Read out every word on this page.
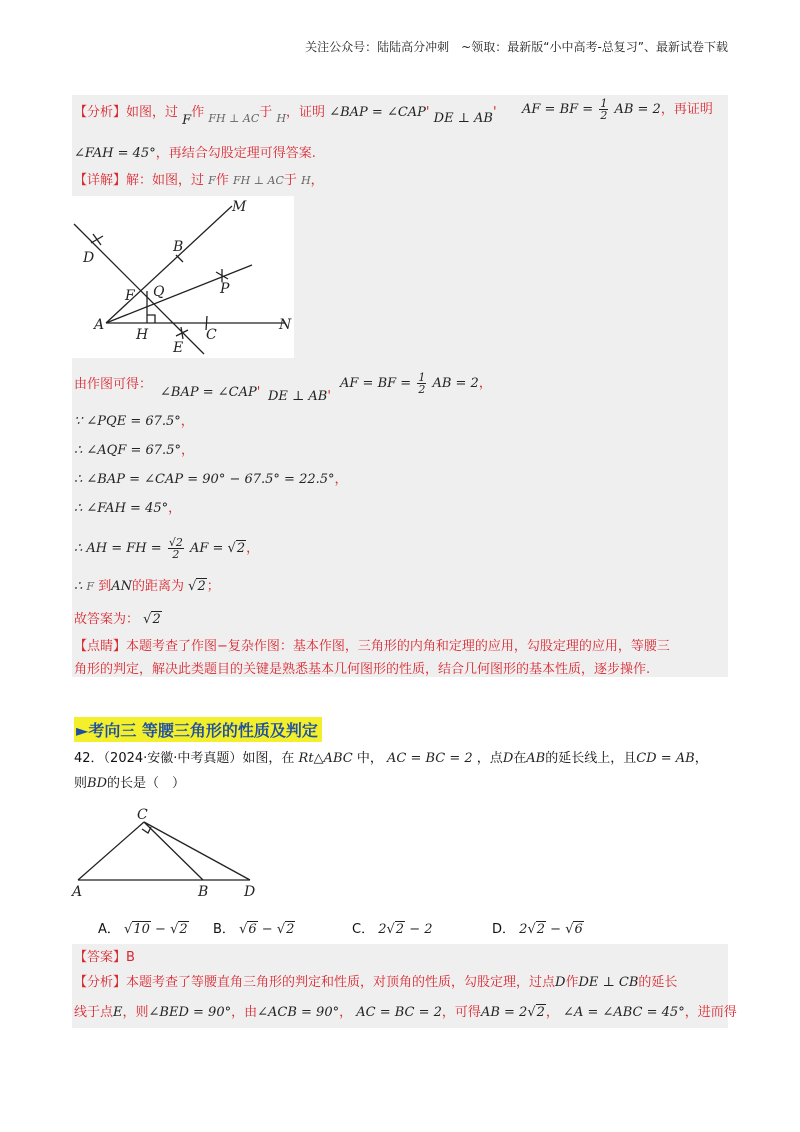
关注公众号：陆陆高分冲刺　~领取：最新版“小中高考-总复习”、最新试卷下载
【分析】如图，过 F作 $_{FH \perp AC}$于 $_H$，证明 ∠BAP = ∠CAP' DE ⊥ AB' AF = BF = $\frac{1}{2}$ AB = 2，再证明
∠FAH = 45°，再结合勾股定理可得答案.
【详解】解：如图，过 F作 FH ⊥ AC于 H，
M
B
D
F Q	P
A
H	C
N
E
由作图可得：
∠BAP = ∠CAP' DE ⊥ AB'
AF = BF = $\frac{1}{2}$ AB = 2，
∵ ∠PQE = 67.5°，
∴ ∠AQF = 67.5°，
∴ ∠BAP = ∠CAP = 90° − 67.5° = 22.5°，
∴ ∠FAH = 45°，
∴ AH = FH = $\frac{√2}{2}$ AF = √2，
∴ F 到AN的距离为 √2；
故答案为： √2
【点睛】本题考查了作图−复杂作图：基本作图，三角形的内角和定理的应用，勾股定理的应用，等腰三
角形的判定，解决此类题目的关键是熟悉基本几何图形的性质，结合几何图形的基本性质，逐步操作.
►考向三 等腰三角形的性质及判定
42．（2024·安徽·中考真题）如图，在 Rt△ABC 中， AC = BC = 2 ，点D在AB的延长线上，且CD = AB，
则BD的长是（　）
C
A	B	D
A． √10 − √2 B． √6 − √2	C． 2√2 − 2	D． 2√2 − √6
【答案】B
【分析】本题考查了等腰直角三角形的判定和性质，对顶角的性质，勾股定理，过点D作DE ⊥ CB的延长
线于点E，则∠BED = 90°，由∠ACB = 90°， AC = BC = 2，可得AB = 2√2， ∠A = ∠ABC = 45°，进而得
